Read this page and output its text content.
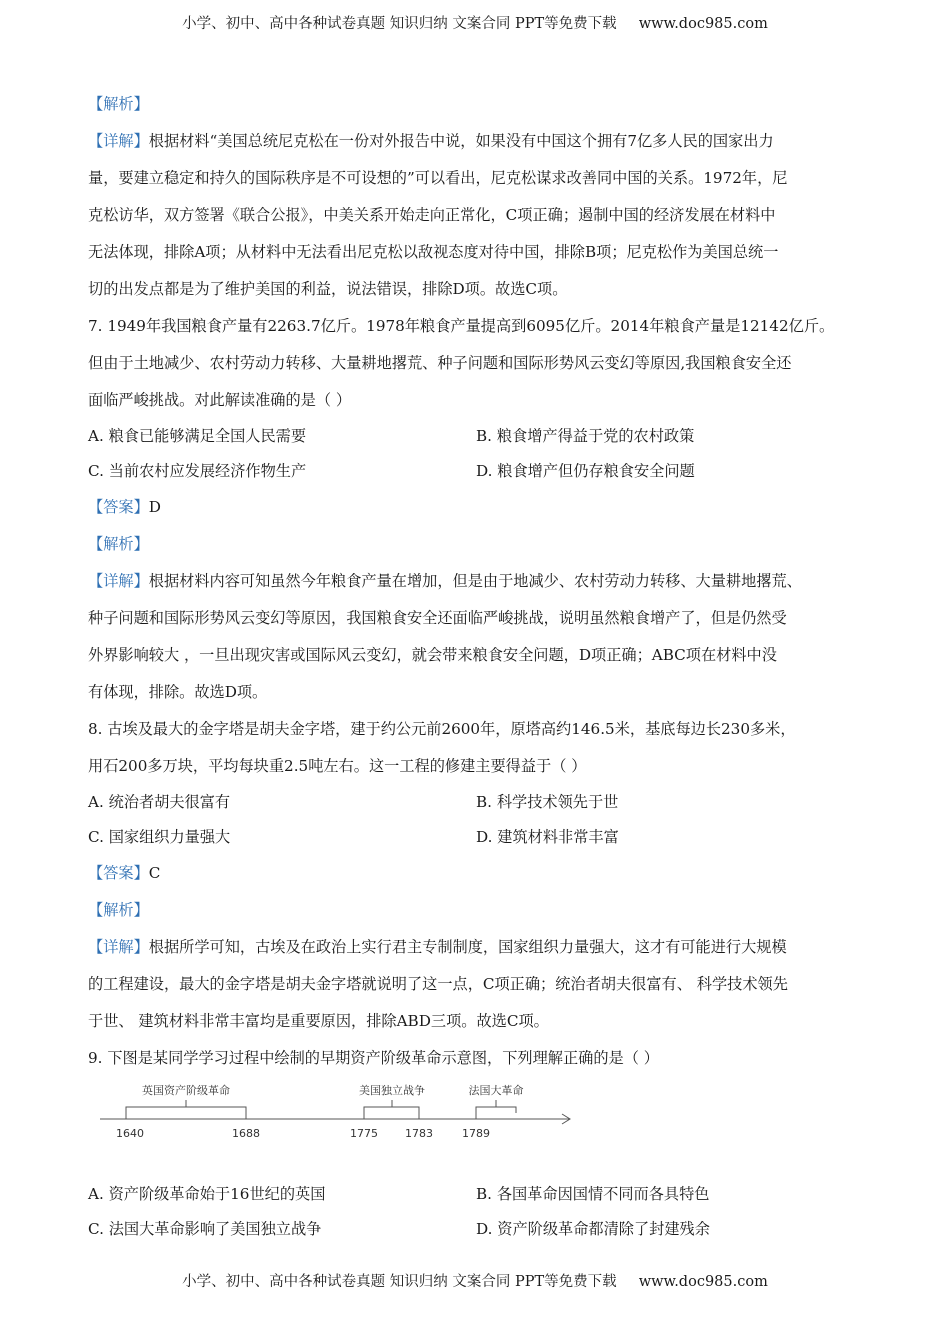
小学、初中、高中各种试卷真题 知识归纳 文案合同 PPT等免费下载 www.doc985.com
【解析】
【详解】根据材料“美国总统尼克松在一份对外报告中说，如果没有中国这个拥有7亿多人民的国家出力
量，要建立稳定和持久的国际秩序是不可设想的”可以看出，尼克松谋求改善同中国的关系。1972年，尼
克松访华，双方签署《联合公报》，中美关系开始走向正常化，C项正确；遏制中国的经济发展在材料中
无法体现，排除A项；从材料中无法看出尼克松以敌视态度对待中国，排除B项；尼克松作为美国总统一
切的出发点都是为了维护美国的利益，说法错误，排除D项。故选C项。
7. 1949年我国粮食产量有2263.7亿斤。1978年粮食产量提高到6095亿斤。2014年粮食产量是12142亿斤。
但由于土地减少、农村劳动力转移、大量耕地撂荒、种子问题和国际形势风云变幻等原因,我国粮食安全还
面临严峻挑战。对此解读准确的是（ ）
A. 粮食已能够满足全国人民需要	B. 粮食增产得益于党的农村政策
C. 当前农村应发展经济作物生产	D. 粮食增产但仍存粮食安全问题
【答案】D
【解析】
【详解】根据材料内容可知虽然今年粮食产量在增加，但是由于地减少、农村劳动力转移、大量耕地撂荒、
种子问题和国际形势风云变幻等原因，我国粮食安全还面临严峻挑战，说明虽然粮食增产了，但是仍然受
外界影响较大 ，一旦出现灾害或国际风云变幻，就会带来粮食安全问题，D项正确；ABC项在材料中没
有体现，排除。故选D项。
8. 古埃及最大的金字塔是胡夫金字塔，建于约公元前2600年，原塔高约146.5米，基底每边长230多米，
用石200多万块，平均每块重2.5吨左右。这一工程的修建主要得益于（ ）
A. 统治者胡夫很富有	B. 科学技术领先于世
C. 国家组织力量强大	D. 建筑材料非常丰富
【答案】C
【解析】
【详解】根据所学可知，古埃及在政治上实行君主专制制度，国家组织力量强大，这才有可能进行大规模
的工程建设，最大的金字塔是胡夫金字塔就说明了这一点，C项正确；统治者胡夫很富有、 科学技术领先
于世、 建筑材料非常丰富均是重要原因，排除ABD三项。故选C项。
9. 下图是某同学学习过程中绘制的早期资产阶级革命示意图，下列理解正确的是（ ）
英国资产阶级革命	美国独立战争	法国大革命
1640	1688	1775 1783	1789
A. 资产阶级革命始于16世纪的英国	B. 各国革命因国情不同而各具特色
C. 法国大革命影响了美国独立战争	D. 资产阶级革命都清除了封建残余
小学、初中、高中各种试卷真题 知识归纳 文案合同 PPT等免费下载 www.doc985.com
